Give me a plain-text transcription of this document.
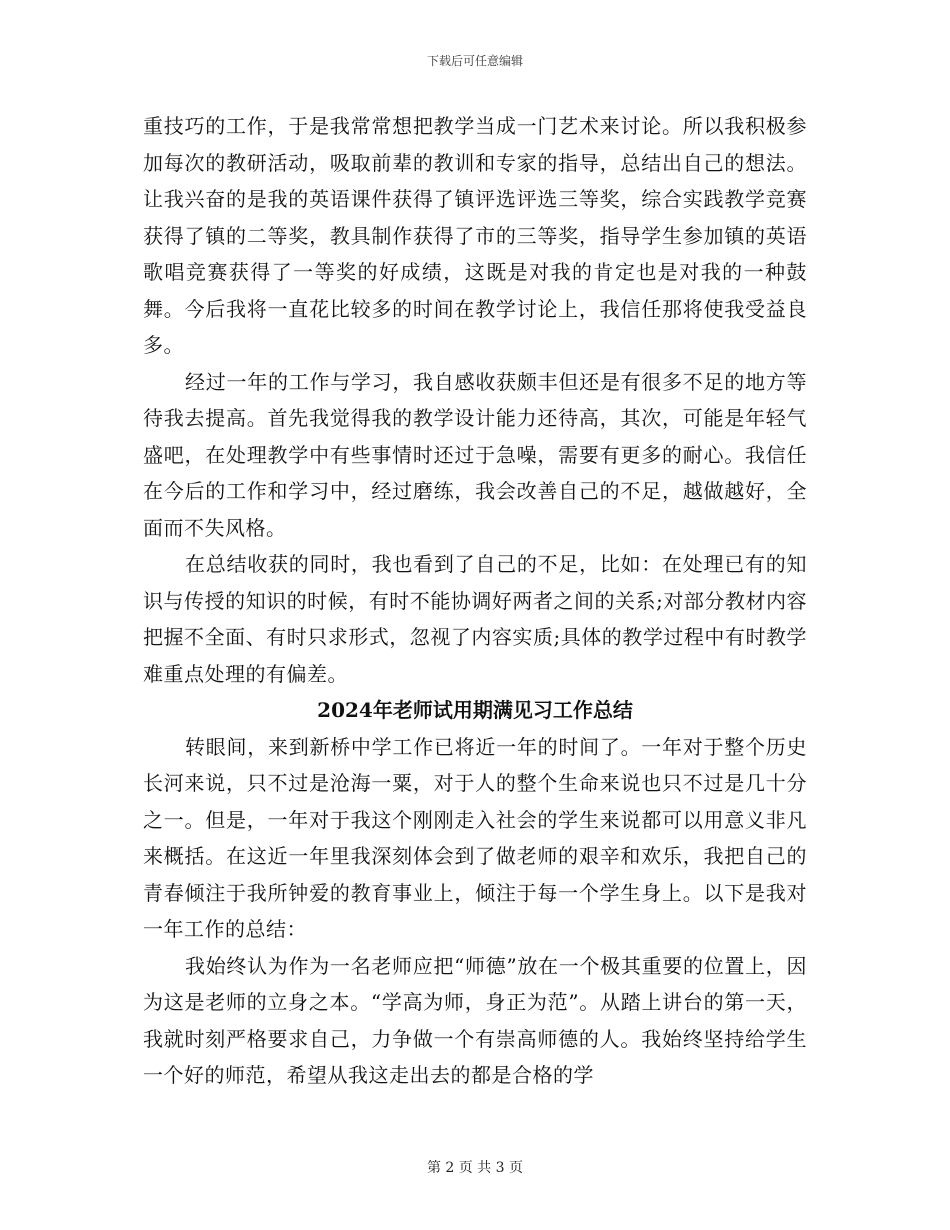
下载后可任意编辑

重技巧的工作，于是我常常想把教学当成一门艺术来讨论。所以我积极参加每次的教研活动，吸取前辈的教训和专家的指导，总结出自己的想法。让我兴奋的是我的英语课件获得了镇评选评选三等奖，综合实践教学竞赛获得了镇的二等奖，教具制作获得了市的三等奖，指导学生参加镇的英语歌唱竞赛获得了一等奖的好成绩，这既是对我的肯定也是对我的一种鼓舞。今后我将一直花比较多的时间在教学讨论上，我信任那将使我受益良多。

经过一年的工作与学习，我自感收获颇丰但还是有很多不足的地方等待我去提高。首先我觉得我的教学设计能力还待高，其次，可能是年轻气盛吧，在处理教学中有些事情时还过于急噪，需要有更多的耐心。我信任在今后的工作和学习中，经过磨练，我会改善自己的不足，越做越好，全面而不失风格。

在总结收获的同时，我也看到了自己的不足，比如：在处理已有的知识与传授的知识的时候，有时不能协调好两者之间的关系;对部分教材内容把握不全面、有时只求形式，忽视了内容实质;具体的教学过程中有时教学难重点处理的有偏差。

2024年老师试用期满见习工作总结

转眼间，来到新桥中学工作已将近一年的时间了。一年对于整个历史长河来说，只不过是沧海一粟，对于人的整个生命来说也只不过是几十分之一。但是，一年对于我这个刚刚走入社会的学生来说都可以用意义非凡来概括。在这近一年里我深刻体会到了做老师的艰辛和欢乐，我把自己的青春倾注于我所钟爱的教育事业上，倾注于每一个学生身上。以下是我对一年工作的总结：

我始终认为作为一名老师应把“师德”放在一个极其重要的位置上，因为这是老师的立身之本。“学高为师，身正为范”。从踏上讲台的第一天，我就时刻严格要求自己，力争做一个有崇高师德的人。我始终坚持给学生一个好的师范，希望从我这走出去的都是合格的学

第 2 页 共 3 页
